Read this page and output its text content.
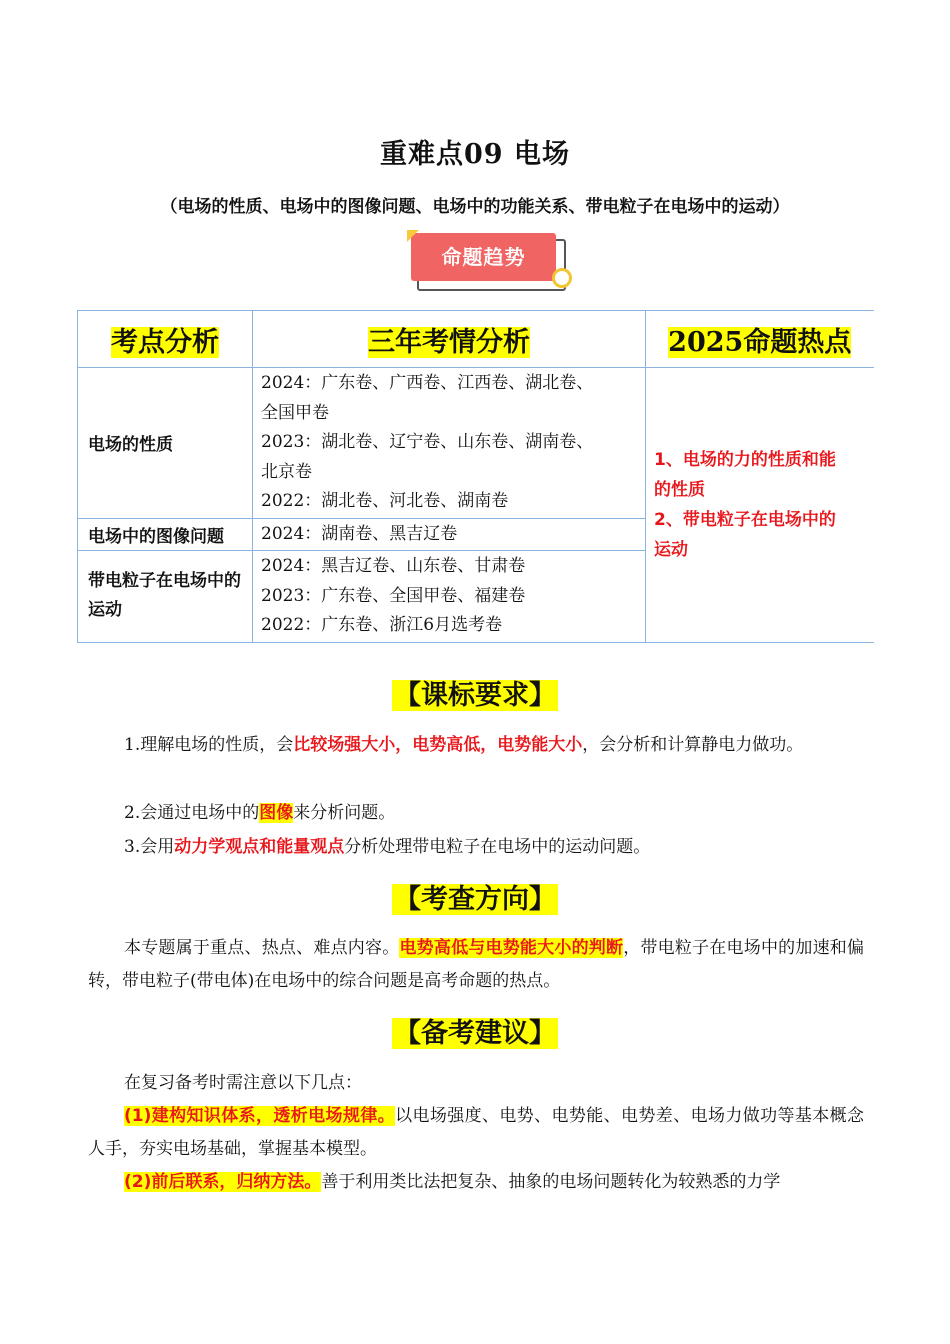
重难点09 电场
（电场的性质、电场中的图像问题、电场中的功能关系、带电粒子在电场中的运动）
命题趋势
考点分析	三年考情分析	2025命题热点
电场的性质	2024：广东卷、广西卷、江西卷、湖北卷、
全国甲卷
2023：湖北卷、辽宁卷、山东卷、湖南卷、
北京卷
2022：湖北卷、河北卷、湖南卷	1、电场的力的性质和能
的性质
2、带电粒子在电场中的
运动

电场中的图像问题	2024：湖南卷、黑吉辽卷	

带电粒子在电场中的运动	2024：黑吉辽卷、山东卷、甘肃卷
2023：广东卷、全国甲卷、福建卷
2022：广东卷、浙江6月选考卷	
【课标要求】
1.理解电场的性质，会比较场强大小，电势高低，电势能大小，会分析和计算静电力做功。
2.会通过电场中的图像来分析问题。
3.会用动力学观点和能量观点分析处理带电粒子在电场中的运动问题。
【考查方向】
本专题属于重点、热点、难点内容。电势高低与电势能大小的判断，带电粒子在电场中的加速和偏转，带电粒子(带电体)在电场中的综合问题是高考命题的热点。
【备考建议】
在复习备考时需注意以下几点：
(1)建构知识体系，透析电场规律。以电场强度、电势、电势能、电势差、电场力做功等基本概念人手，夯实电场基础，掌握基本模型。
(2)前后联系，归纳方法。善于利用类比法把复杂、抽象的电场问题转化为较熟悉的力学
